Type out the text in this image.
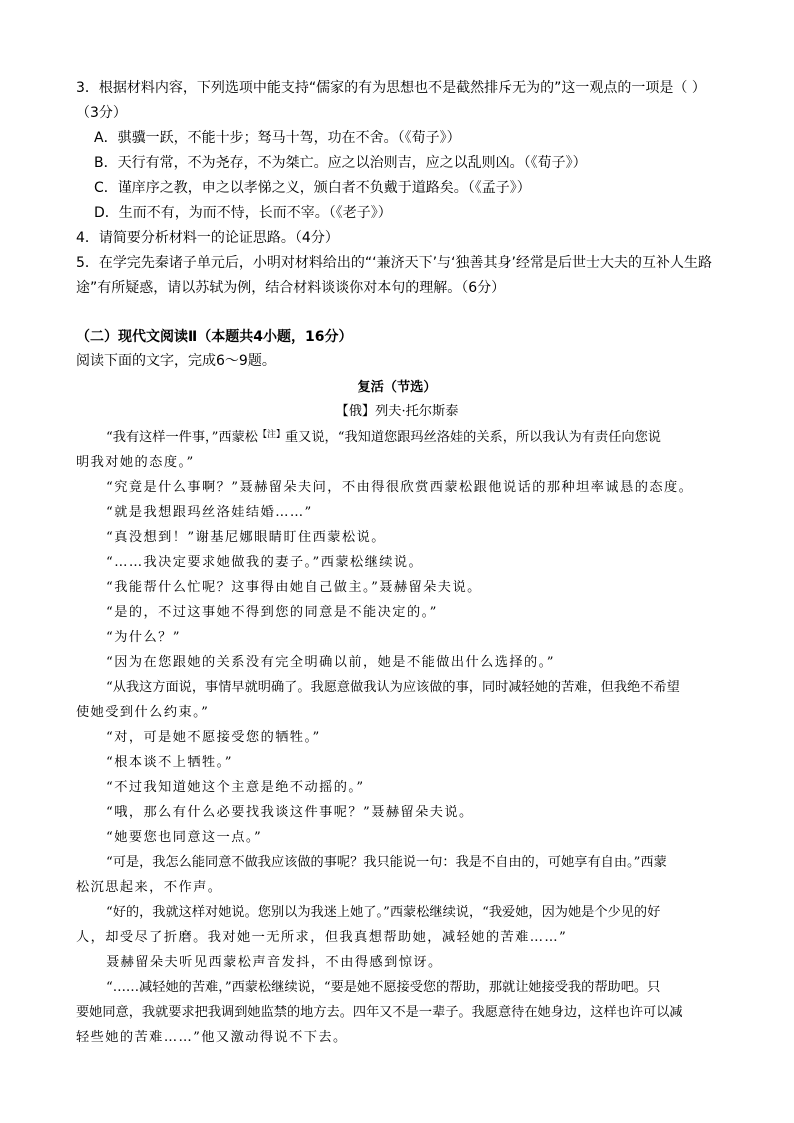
3．根据材料内容，下列选项中能支持“儒家的有为思想也不是截然排斥无为的”这一观点的一项是（ ）
（3分）
A．骐骥一跃，不能十步；驽马十驾，功在不舍。（《荀子》）
B．天行有常，不为尧存，不为桀亡。应之以治则吉，应之以乱则凶。（《荀子》）
C．谨庠序之教，申之以孝悌之义，颁白者不负戴于道路矣。（《孟子》）
D．生而不有，为而不恃，长而不宰。（《老子》）
4．请简要分析材料一的论证思路。（4分）
5．在学完先秦诸子单元后，小明对材料给出的“‘兼济天下’与‘独善其身’经常是后世士大夫的互补人生路
途”有所疑惑，请以苏轼为例，结合材料谈谈你对本句的理解。（6分）
（二）现代文阅读Ⅱ（本题共4小题，16分）
阅读下面的文字，完成6～9题。
复活（节选）
【俄】列夫·托尔斯泰
“我有这样一件事，”西蒙松$^{【注】}$重又说，“我知道您跟玛丝洛娃的关系，所以我认为有责任向您说
明我对她的态度。”
“究竟是什么事啊？”聂赫留朵夫问，不由得很欣赏西蒙松跟他说话的那种坦率诚恳的态度。
“就是我想跟玛丝洛娃结婚……”
“真没想到！”谢基尼娜眼睛盯住西蒙松说。
“……我决定要求她做我的妻子。”西蒙松继续说。
“我能帮什么忙呢？这事得由她自己做主。”聂赫留朵夫说。
“是的，不过这事她不得到您的同意是不能决定的。”
“为什么？”
“因为在您跟她的关系没有完全明确以前，她是不能做出什么选择的。”
“从我这方面说，事情早就明确了。我愿意做我认为应该做的事，同时减轻她的苦难，但我绝不希望
使她受到什么约束。”
“对，可是她不愿接受您的牺牲。”
“根本谈不上牺牲。”
“不过我知道她这个主意是绝不动摇的。”
“哦，那么有什么必要找我谈这件事呢？”聂赫留朵夫说。
“她要您也同意这一点。”
“可是，我怎么能同意不做我应该做的事呢？我只能说一句：我是不自由的，可她享有自由。”西蒙
松沉思起来，不作声。
“好的，我就这样对她说。您别以为我迷上她了。”西蒙松继续说，“我爱她，因为她是个少见的好
人，却受尽了折磨。我对她一无所求，但我真想帮助她，减轻她的苦难……”
聂赫留朵夫听见西蒙松声音发抖，不由得感到惊讶。
“……减轻她的苦难，”西蒙松继续说，“要是她不愿接受您的帮助，那就让她接受我的帮助吧。只
要她同意，我就要求把我调到她监禁的地方去。四年又不是一辈子。我愿意待在她身边，这样也许可以减
轻些她的苦难……”他又激动得说不下去。
